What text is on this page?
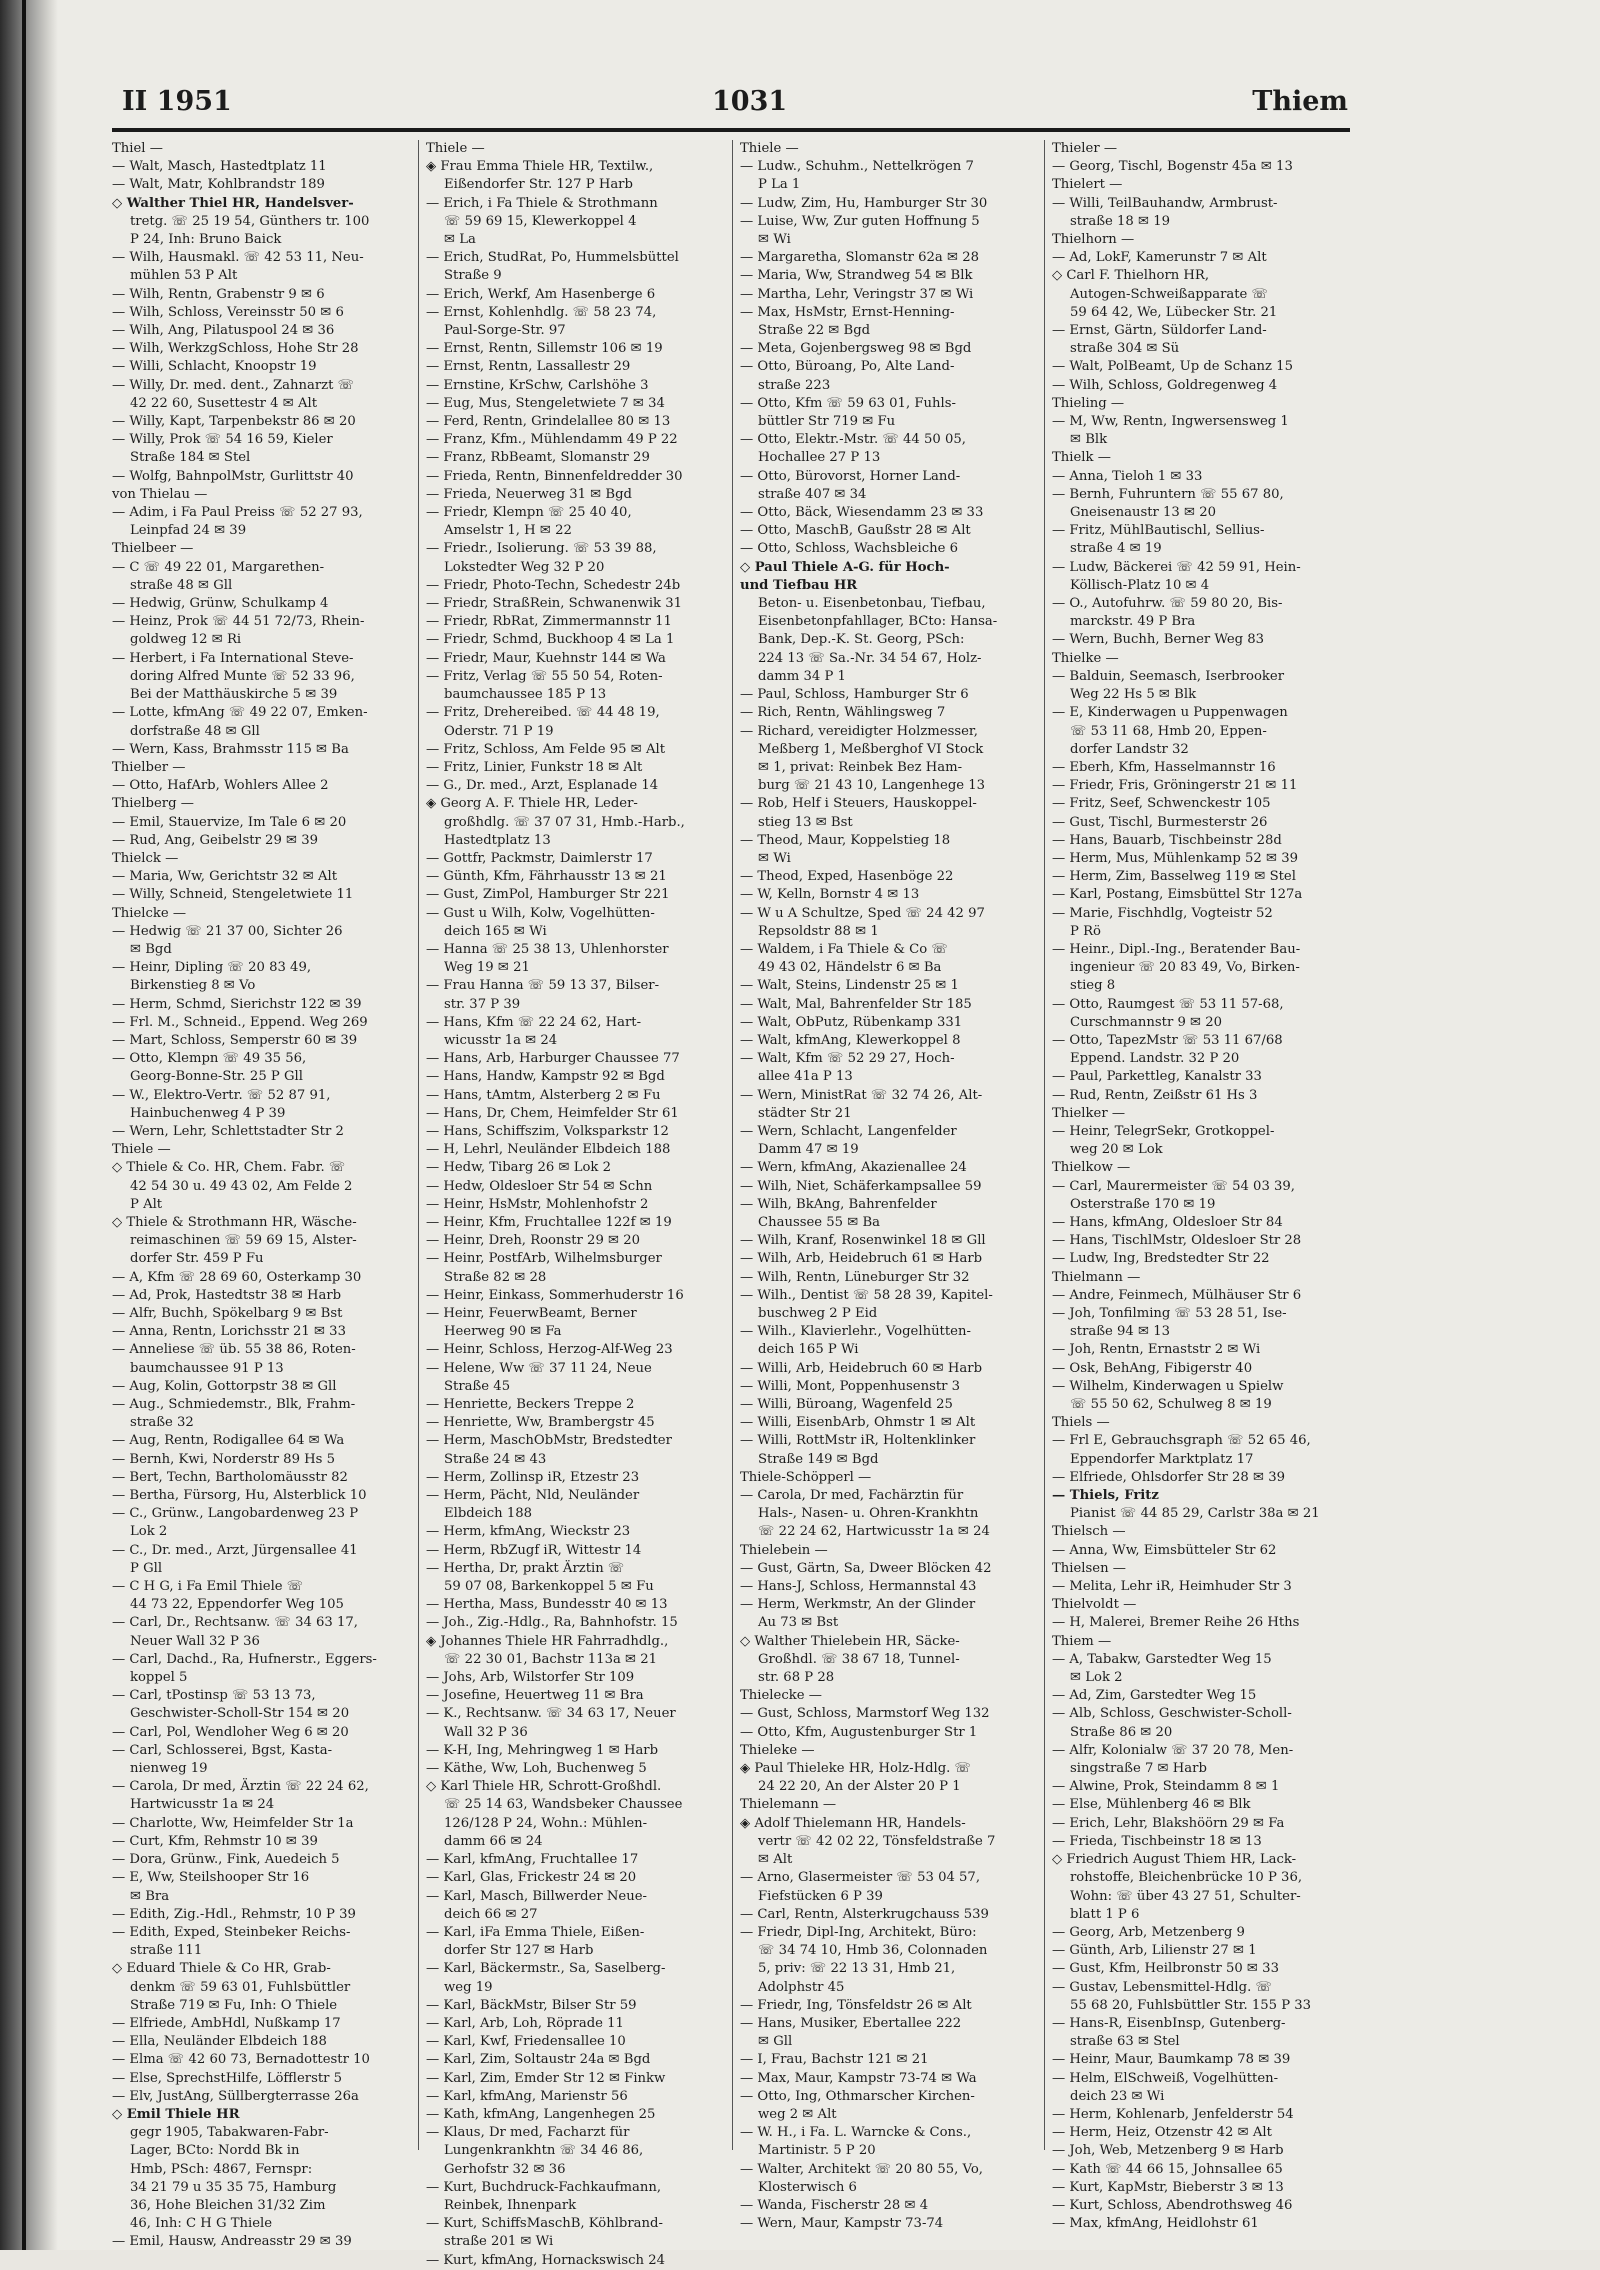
II 1951	1031	Thiem
Thiel —
— Walt, Masch, Hastedtplatz 11
— Walt, Matr, Kohlbrandstr 189
◇ Walther Thiel HR, Handelsver-
tretg. ☏ 25 19 54, Günthers tr. 100
P 24, Inh: Bruno Baick
— Wilh, Hausmakl. ☏ 42 53 11, Neu-
mühlen 53 P Alt
— Wilh, Rentn, Grabenstr 9 ✉ 6
— Wilh, Schloss, Vereinsstr 50 ✉ 6
— Wilh, Ang, Pilatuspool 24 ✉ 36
— Wilh, WerkzgSchloss, Hohe Str 28
— Willi, Schlacht, Knoopstr 19
— Willy, Dr. med. dent., Zahnarzt ☏
42 22 60, Susettestr 4 ✉ Alt
— Willy, Kapt, Tarpenbekstr 86 ✉ 20
— Willy, Prok ☏ 54 16 59, Kieler
Straße 184 ✉ Stel
— Wolfg, BahnpolMstr, Gurlittstr 40
von Thielau —
— Adim, i Fa Paul Preiss ☏ 52 27 93,
Leinpfad 24 ✉ 39
Thielbeer —
— C ☏ 49 22 01, Margarethen-
straße 48 ✉ Gll
— Hedwig, Grünw, Schulkamp 4
— Heinz, Prok ☏ 44 51 72/73, Rhein-
goldweg 12 ✉ Ri
— Herbert, i Fa International Steve-
doring Alfred Munte ☏ 52 33 96,
Bei der Matthäuskirche 5 ✉ 39
— Lotte, kfmAng ☏ 49 22 07, Emken-
dorfstraße 48 ✉ Gll
— Wern, Kass, Brahmsstr 115 ✉ Ba
Thielber —
— Otto, HafArb, Wohlers Allee 2
Thielberg —
— Emil, Stauervize, Im Tale 6 ✉ 20
— Rud, Ang, Geibelstr 29 ✉ 39
Thielck —
— Maria, Ww, Gerichtstr 32 ✉ Alt
— Willy, Schneid, Stengeletwiete 11
Thielcke —
— Hedwig ☏ 21 37 00, Sichter 26
✉ Bgd
— Heinr, Dipling ☏ 20 83 49,
Birkenstieg 8 ✉ Vo
— Herm, Schmd, Sierichstr 122 ✉ 39
— Frl. M., Schneid., Eppend. Weg 269
— Mart, Schloss, Semperstr 60 ✉ 39
— Otto, Klempn ☏ 49 35 56,
Georg-Bonne-Str. 25 P Gll
— W., Elektro-Vertr. ☏ 52 87 91,
Hainbuchenweg 4 P 39
— Wern, Lehr, Schlettstadter Str 2
Thiele —
◇ Thiele & Co. HR, Chem. Fabr. ☏
42 54 30 u. 49 43 02, Am Felde 2
P Alt
◇ Thiele & Strothmann HR, Wäsche-
reimaschinen ☏ 59 69 15, Alster-
dorfer Str. 459 P Fu
— A, Kfm ☏ 28 69 60, Osterkamp 30
— Ad, Prok, Hastedtstr 38 ✉ Harb
— Alfr, Buchh, Spökelbarg 9 ✉ Bst
— Anna, Rentn, Lorichsstr 21 ✉ 33
— Anneliese ☏ üb. 55 38 86, Roten-
baumchaussee 91 P 13
— Aug, Kolin, Gottorpstr 38 ✉ Gll
— Aug., Schmiedemstr., Blk, Frahm-
straße 32
— Aug, Rentn, Rodigallee 64 ✉ Wa
— Bernh, Kwi, Norderstr 89 Hs 5
— Bert, Techn, Bartholomäusstr 82
— Bertha, Fürsorg, Hu, Alsterblick 10
— C., Grünw., Langobardenweg 23 P
Lok 2
— C., Dr. med., Arzt, Jürgensallee 41
P Gll
— C H G, i Fa Emil Thiele ☏
44 73 22, Eppendorfer Weg 105
— Carl, Dr., Rechtsanw. ☏ 34 63 17,
Neuer Wall 32 P 36
— Carl, Dachd., Ra, Hufnerstr., Eggers-
koppel 5
— Carl, tPostinsp ☏ 53 13 73,
Geschwister-Scholl-Str 154 ✉ 20
— Carl, Pol, Wendloher Weg 6 ✉ 20
— Carl, Schlosserei, Bgst, Kasta-
nienweg 19
— Carola, Dr med, Ärztin ☏ 22 24 62,
Hartwicusstr 1a ✉ 24
— Charlotte, Ww, Heimfelder Str 1a
— Curt, Kfm, Rehmstr 10 ✉ 39
— Dora, Grünw., Fink, Auedeich 5
— E, Ww, Steilshooper Str 16
✉ Bra
— Edith, Zig.-Hdl., Rehmstr, 10 P 39
— Edith, Exped, Steinbeker Reichs-
straße 111
◇ Eduard Thiele & Co HR, Grab-
denkm ☏ 59 63 01, Fuhlsbüttler
Straße 719 ✉ Fu, Inh: O Thiele
— Elfriede, AmbHdl, Nußkamp 17
— Ella, Neuländer Elbdeich 188
— Elma ☏ 42 60 73, Bernadottestr 10
— Else, SprechstHilfe, Löfflerstr 5
— Elv, JustAng, Süllbergterrasse 26a
◇ Emil Thiele HR
gegr 1905, Tabakwaren-Fabr-
Lager, BCto: Nordd Bk in
Hmb, PSch: 4867, Fernspr:
34 21 79 u 35 35 75, Hamburg
36, Hohe Bleichen 31/32 Zim
46, Inh: C H G Thiele
— Emil, Hausw, Andreasstr 29 ✉ 39
Thiele —
◈ Frau Emma Thiele HR, Textilw.,
Eißendorfer Str. 127 P Harb
— Erich, i Fa Thiele & Strothmann
☏ 59 69 15, Klewerkoppel 4
✉ La
— Erich, StudRat, Po, Hummelsbüttel
Straße 9
— Erich, Werkf, Am Hasenberge 6
— Ernst, Kohlenhdlg. ☏ 58 23 74,
Paul-Sorge-Str. 97
— Ernst, Rentn, Sillemstr 106 ✉ 19
— Ernst, Rentn, Lassallestr 29
— Ernstine, KrSchw, Carlshöhe 3
— Eug, Mus, Stengeletwiete 7 ✉ 34
— Ferd, Rentn, Grindelallee 80 ✉ 13
— Franz, Kfm., Mühlendamm 49 P 22
— Franz, RbBeamt, Slomanstr 29
— Frieda, Rentn, Binnenfeldredder 30
— Frieda, Neuerweg 31 ✉ Bgd
— Friedr, Klempn ☏ 25 40 40,
Amselstr 1, H ✉ 22
— Friedr., Isolierung. ☏ 53 39 88,
Lokstedter Weg 32 P 20
— Friedr, Photo-Techn, Schedestr 24b
— Friedr, StraßRein, Schwanenwik 31
— Friedr, RbRat, Zimmermannstr 11
— Friedr, Schmd, Buckhoop 4 ✉ La 1
— Friedr, Maur, Kuehnstr 144 ✉ Wa
— Fritz, Verlag ☏ 55 50 54, Roten-
baumchaussee 185 P 13
— Fritz, Drehereibed. ☏ 44 48 19,
Oderstr. 71 P 19
— Fritz, Schloss, Am Felde 95 ✉ Alt
— Fritz, Linier, Funkstr 18 ✉ Alt
— G., Dr. med., Arzt, Esplanade 14
◈ Georg A. F. Thiele HR, Leder-
großhdlg. ☏ 37 07 31, Hmb.-Harb.,
Hastedtplatz 13
— Gottfr, Packmstr, Daimlerstr 17
— Günth, Kfm, Fährhausstr 13 ✉ 21
— Gust, ZimPol, Hamburger Str 221
— Gust u Wilh, Kolw, Vogelhütten-
deich 165 ✉ Wi
— Hanna ☏ 25 38 13, Uhlenhorster
Weg 19 ✉ 21
— Frau Hanna ☏ 59 13 37, Bilser-
str. 37 P 39
— Hans, Kfm ☏ 22 24 62, Hart-
wicusstr 1a ✉ 24
— Hans, Arb, Harburger Chaussee 77
— Hans, Handw, Kampstr 92 ✉ Bgd
— Hans, tAmtm, Alsterberg 2 ✉ Fu
— Hans, Dr, Chem, Heimfelder Str 61
— Hans, Schiffszim, Volksparkstr 12
— H, Lehrl, Neuländer Elbdeich 188
— Hedw, Tibarg 26 ✉ Lok 2
— Hedw, Oldesloer Str 54 ✉ Schn
— Heinr, HsMstr, Mohlenhofstr 2
— Heinr, Kfm, Fruchtallee 122f ✉ 19
— Heinr, Dreh, Roonstr 29 ✉ 20
— Heinr, PostfArb, Wilhelmsburger
Straße 82 ✉ 28
— Heinr, Einkass, Sommerhuderstr 16
— Heinr, FeuerwBeamt, Berner
Heerweg 90 ✉ Fa
— Heinr, Schloss, Herzog-Alf-Weg 23
— Helene, Ww ☏ 37 11 24, Neue
Straße 45
— Henriette, Beckers Treppe 2
— Henriette, Ww, Brambergstr 45
— Herm, MaschObMstr, Bredstedter
Straße 24 ✉ 43
— Herm, Zollinsp iR, Etzestr 23
— Herm, Pächt, Nld, Neuländer
Elbdeich 188
— Herm, kfmAng, Wieckstr 23
— Herm, RbZugf iR, Wittestr 14
— Hertha, Dr, prakt Ärztin ☏
59 07 08, Barkenkoppel 5 ✉ Fu
— Hertha, Mass, Bundesstr 40 ✉ 13
— Joh., Zig.-Hdlg., Ra, Bahnhofstr. 15
◈ Johannes Thiele HR Fahrradhdlg.,
☏ 22 30 01, Bachstr 113a ✉ 21
— Johs, Arb, Wilstorfer Str 109
— Josefine, Heuertweg 11 ✉ Bra
— K., Rechtsanw. ☏ 34 63 17, Neuer
Wall 32 P 36
— K-H, Ing, Mehringweg 1 ✉ Harb
— Käthe, Ww, Loh, Buchenweg 5
◇ Karl Thiele HR, Schrott-Großhdl.
☏ 25 14 63, Wandsbeker Chaussee
126/128 P 24, Wohn.: Mühlen-
damm 66 ✉ 24
— Karl, kfmAng, Fruchtallee 17
— Karl, Glas, Frickestr 24 ✉ 20
— Karl, Masch, Billwerder Neue-
deich 66 ✉ 27
— Karl, iFa Emma Thiele, Eißen-
dorfer Str 127 ✉ Harb
— Karl, Bäckermstr., Sa, Saselberg-
weg 19
— Karl, BäckMstr, Bilser Str 59
— Karl, Arb, Loh, Röprade 11
— Karl, Kwf, Friedensallee 10
— Karl, Zim, Soltaustr 24a ✉ Bgd
— Karl, Zim, Emder Str 12 ✉ Finkw
— Karl, kfmAng, Marienstr 56
— Kath, kfmAng, Langenhegen 25
— Klaus, Dr med, Facharzt für
Lungenkrankhtn ☏ 34 46 86,
Gerhofstr 32 ✉ 36
— Kurt, Buchdruck-Fachkaufmann,
Reinbek, Ihnenpark
— Kurt, SchiffsMaschB, Köhlbrand-
straße 201 ✉ Wi
— Kurt, kfmAng, Hornackswisch 24
Thiele —
— Ludw., Schuhm., Nettelkrögen 7
P La 1
— Ludw, Zim, Hu, Hamburger Str 30
— Luise, Ww, Zur guten Hoffnung 5
✉ Wi
— Margaretha, Slomanstr 62a ✉ 28
— Maria, Ww, Strandweg 54 ✉ Blk
— Martha, Lehr, Veringstr 37 ✉ Wi
— Max, HsMstr, Ernst-Henning-
Straße 22 ✉ Bgd
— Meta, Gojenbergsweg 98 ✉ Bgd
— Otto, Büroang, Po, Alte Land-
straße 223
— Otto, Kfm ☏ 59 63 01, Fuhls-
büttler Str 719 ✉ Fu
— Otto, Elektr.-Mstr. ☏ 44 50 05,
Hochallee 27 P 13
— Otto, Bürovorst, Horner Land-
straße 407 ✉ 34
— Otto, Bäck, Wiesendamm 23 ✉ 33
— Otto, MaschB, Gaußstr 28 ✉ Alt
— Otto, Schloss, Wachsbleiche 6
◇ Paul Thiele A-G. für Hoch-
und Tiefbau HR
Beton- u. Eisenbetonbau, Tiefbau,
Eisenbetonpfahllager, BCto: Hansa-
Bank, Dep.-K. St. Georg, PSch:
224 13 ☏ Sa.-Nr. 34 54 67, Holz-
damm 34 P 1
— Paul, Schloss, Hamburger Str 6
— Rich, Rentn, Wählingsweg 7
— Richard, vereidigter Holzmesser,
Meßberg 1, Meßberghof VI Stock
✉ 1, privat: Reinbek Bez Ham-
burg ☏ 21 43 10, Langenhege 13
— Rob, Helf i Steuers, Hauskoppel-
stieg 13 ✉ Bst
— Theod, Maur, Koppelstieg 18
✉ Wi
— Theod, Exped, Hasenböge 22
— W, Kelln, Bornstr 4 ✉ 13
— W u A Schultze, Sped ☏ 24 42 97
Repsoldstr 88 ✉ 1
— Waldem, i Fa Thiele & Co ☏
49 43 02, Händelstr 6 ✉ Ba
— Walt, Steins, Lindenstr 25 ✉ 1
— Walt, Mal, Bahrenfelder Str 185
— Walt, ObPutz, Rübenkamp 331
— Walt, kfmAng, Klewerkoppel 8
— Walt, Kfm ☏ 52 29 27, Hoch-
allee 41a P 13
— Wern, MinistRat ☏ 32 74 26, Alt-
städter Str 21
— Wern, Schlacht, Langenfelder
Damm 47 ✉ 19
— Wern, kfmAng, Akazienallee 24
— Wilh, Niet, Schäferkampsallee 59
— Wilh, BkAng, Bahrenfelder
Chaussee 55 ✉ Ba
— Wilh, Kranf, Rosenwinkel 18 ✉ Gll
— Wilh, Arb, Heidebruch 61 ✉ Harb
— Wilh, Rentn, Lüneburger Str 32
— Wilh., Dentist ☏ 58 28 39, Kapitel-
buschweg 2 P Eid
— Wilh., Klavierlehr., Vogelhütten-
deich 165 P Wi
— Willi, Arb, Heidebruch 60 ✉ Harb
— Willi, Mont, Poppenhusenstr 3
— Willi, Büroang, Wagenfeld 25
— Willi, EisenbArb, Ohmstr 1 ✉ Alt
— Willi, RottMstr iR, Holtenklinker
Straße 149 ✉ Bgd
Thiele-Schöpperl —
— Carola, Dr med, Fachärztin für
Hals-, Nasen- u. Ohren-Krankhtn
☏ 22 24 62, Hartwicusstr 1a ✉ 24
Thielebein —
— Gust, Gärtn, Sa, Dweer Blöcken 42
— Hans-J, Schloss, Hermannstal 43
— Herm, Werkmstr, An der Glinder
Au 73 ✉ Bst
◇ Walther Thielebein HR, Säcke-
Großhdl. ☏ 38 67 18, Tunnel-
str. 68 P 28
Thielecke —
— Gust, Schloss, Marmstorf Weg 132
— Otto, Kfm, Augustenburger Str 1
Thieleke —
◈ Paul Thieleke HR, Holz-Hdlg. ☏
24 22 20, An der Alster 20 P 1
Thielemann —
◈ Adolf Thielemann HR, Handels-
vertr ☏ 42 02 22, Tönsfeldstraße 7
✉ Alt
— Arno, Glasermeister ☏ 53 04 57,
Fiefstücken 6 P 39
— Carl, Rentn, Alsterkrugchauss 539
— Friedr, Dipl-Ing, Architekt, Büro:
☏ 34 74 10, Hmb 36, Colonnaden
5, priv: ☏ 22 13 31, Hmb 21,
Adolphstr 45
— Friedr, Ing, Tönsfeldstr 26 ✉ Alt
— Hans, Musiker, Ebertallee 222
✉ Gll
— I, Frau, Bachstr 121 ✉ 21
— Max, Maur, Kampstr 73-74 ✉ Wa
— Otto, Ing, Othmarscher Kirchen-
weg 2 ✉ Alt
— W. H., i Fa. L. Warncke & Cons.,
Martinistr. 5 P 20
— Walter, Architekt ☏ 20 80 55, Vo,
Klosterwisch 6
— Wanda, Fischerstr 28 ✉ 4
— Wern, Maur, Kampstr 73-74
Thieler —
— Georg, Tischl, Bogenstr 45a ✉ 13
Thielert —
— Willi, TeilBauhandw, Armbrust-
straße 18 ✉ 19
Thielhorn —
— Ad, LokF, Kamerunstr 7 ✉ Alt
◇ Carl F. Thielhorn HR,
Autogen-Schweißapparate ☏
59 64 42, We, Lübecker Str. 21
— Ernst, Gärtn, Süldorfer Land-
straße 304 ✉ Sü
— Walt, PolBeamt, Up de Schanz 15
— Wilh, Schloss, Goldregenweg 4
Thieling —
— M, Ww, Rentn, Ingwersensweg 1
✉ Blk
Thielk —
— Anna, Tieloh 1 ✉ 33
— Bernh, Fuhruntern ☏ 55 67 80,
Gneisenaustr 13 ✉ 20
— Fritz, MühlBautischl, Sellius-
straße 4 ✉ 19
— Ludw, Bäckerei ☏ 42 59 91, Hein-
Köllisch-Platz 10 ✉ 4
— O., Autofuhrw. ☏ 59 80 20, Bis-
marckstr. 49 P Bra
— Wern, Buchh, Berner Weg 83
Thielke —
— Balduin, Seemasch, Iserbrooker
Weg 22 Hs 5 ✉ Blk
— E, Kinderwagen u Puppenwagen
☏ 53 11 68, Hmb 20, Eppen-
dorfer Landstr 32
— Eberh, Kfm, Hasselmannstr 16
— Friedr, Fris, Gröningerstr 21 ✉ 11
— Fritz, Seef, Schwenckestr 105
— Gust, Tischl, Burmesterstr 26
— Hans, Bauarb, Tischbeinstr 28d
— Herm, Mus, Mühlenkamp 52 ✉ 39
— Herm, Zim, Basselweg 119 ✉ Stel
— Karl, Postang, Eimsbüttel Str 127a
— Marie, Fischhdlg, Vogteistr 52
P Rö
— Heinr., Dipl.-Ing., Beratender Bau-
ingenieur ☏ 20 83 49, Vo, Birken-
stieg 8
— Otto, Raumgest ☏ 53 11 57-68,
Curschmannstr 9 ✉ 20
— Otto, TapezMstr ☏ 53 11 67/68
Eppend. Landstr. 32 P 20
— Paul, Parkettleg, Kanalstr 33
— Rud, Rentn, Zeißstr 61 Hs 3
Thielker —
— Heinr, TelegrSekr, Grotkoppel-
weg 20 ✉ Lok
Thielkow —
— Carl, Maurermeister ☏ 54 03 39,
Osterstraße 170 ✉ 19
— Hans, kfmAng, Oldesloer Str 84
— Hans, TischlMstr, Oldesloer Str 28
— Ludw, Ing, Bredstedter Str 22
Thielmann —
— Andre, Feinmech, Mülhäuser Str 6
— Joh, Tonfilming ☏ 53 28 51, Ise-
straße 94 ✉ 13
— Joh, Rentn, Ernaststr 2 ✉ Wi
— Osk, BehAng, Fibigerstr 40
— Wilhelm, Kinderwagen u Spielw
☏ 55 50 62, Schulweg 8 ✉ 19
Thiels —
— Frl E, Gebrauchsgraph ☏ 52 65 46,
Eppendorfer Marktplatz 17
— Elfriede, Ohlsdorfer Str 28 ✉ 39
— Thiels, Fritz
Pianist ☏ 44 85 29, Carlstr 38a ✉ 21
Thielsch —
— Anna, Ww, Eimsbütteler Str 62
Thielsen —
— Melita, Lehr iR, Heimhuder Str 3
Thielvoldt —
— H, Malerei, Bremer Reihe 26 Hths
Thiem —
— A, Tabakw, Garstedter Weg 15
✉ Lok 2
— Ad, Zim, Garstedter Weg 15
— Alb, Schloss, Geschwister-Scholl-
Straße 86 ✉ 20
— Alfr, Kolonialw ☏ 37 20 78, Men-
singstraße 7 ✉ Harb
— Alwine, Prok, Steindamm 8 ✉ 1
— Else, Mühlenberg 46 ✉ Blk
— Erich, Lehr, Blakshöörn 29 ✉ Fa
— Frieda, Tischbeinstr 18 ✉ 13
◇ Friedrich August Thiem HR, Lack-
rohstoffe, Bleichenbrücke 10 P 36,
Wohn: ☏ über 43 27 51, Schulter-
blatt 1 P 6
— Georg, Arb, Metzenberg 9
— Günth, Arb, Lilienstr 27 ✉ 1
— Gust, Kfm, Heilbronstr 50 ✉ 33
— Gustav, Lebensmittel-Hdlg. ☏
55 68 20, Fuhlsbüttler Str. 155 P 33
— Hans-R, EisenbInsp, Gutenberg-
straße 63 ✉ Stel
— Heinr, Maur, Baumkamp 78 ✉ 39
— Helm, ElSchweiß, Vogelhütten-
deich 23 ✉ Wi
— Herm, Kohlenarb, Jenfelderstr 54
— Herm, Heiz, Otzenstr 42 ✉ Alt
— Joh, Web, Metzenberg 9 ✉ Harb
— Kath ☏ 44 66 15, Johnsallee 65
— Kurt, KapMstr, Bieberstr 3 ✉ 13
— Kurt, Schloss, Abendrothsweg 46
— Max, kfmAng, Heidlohstr 61
